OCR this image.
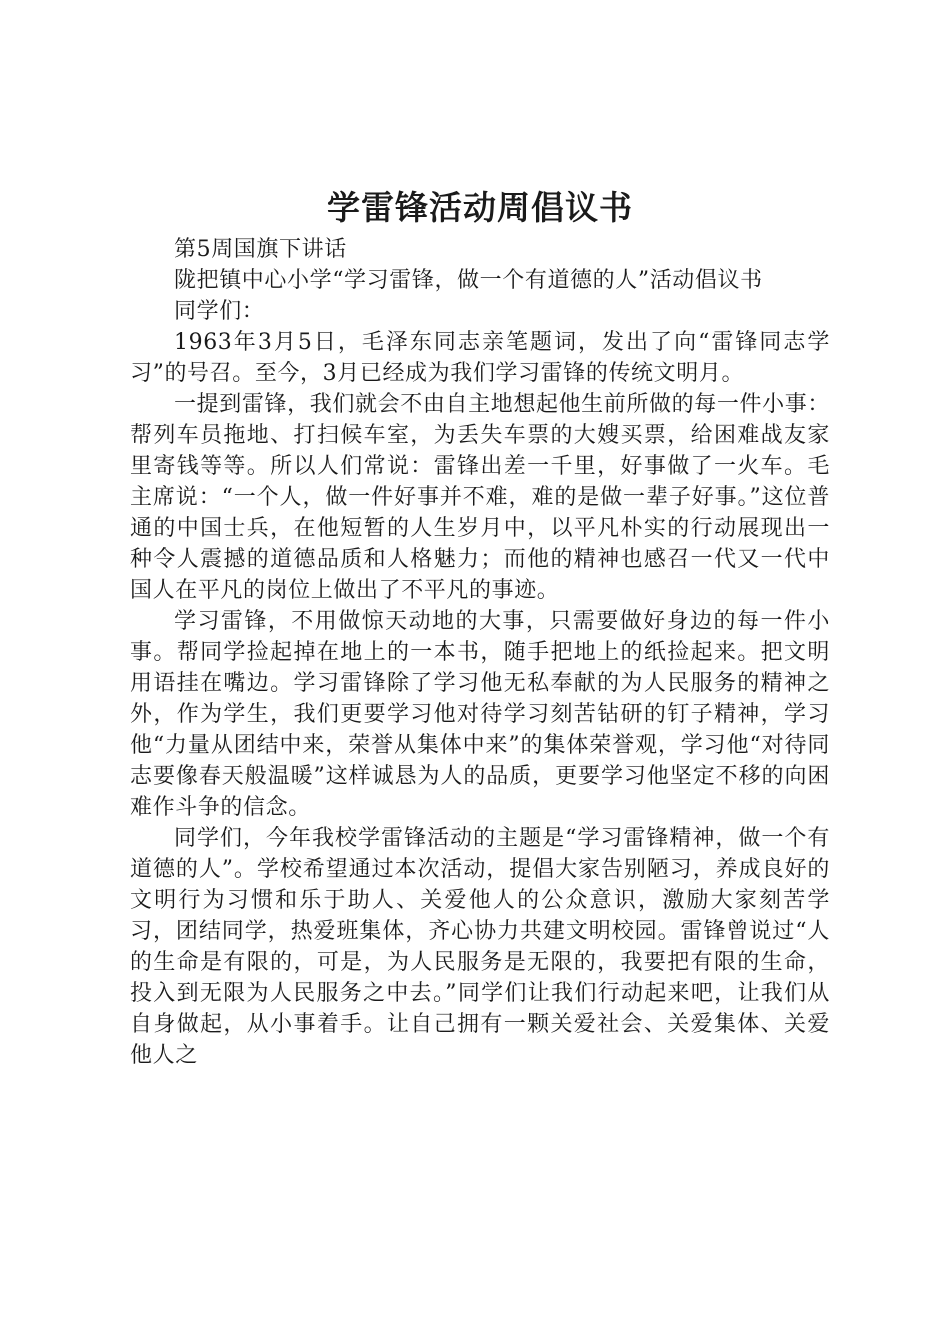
学雷锋活动周倡议书

第5周国旗下讲话

陇把镇中心小学“学习雷锋，做一个有道德的人”活动倡议书

同学们：

1963年3月5日，毛泽东同志亲笔题词，发出了向“雷锋同志学习”的号召。至今，3月已经成为我们学习雷锋的传统文明月。

一提到雷锋，我们就会不由自主地想起他生前所做的每一件小事：帮列车员拖地、打扫候车室，为丢失车票的大嫂买票，给困难战友家里寄钱等等。所以人们常说：雷锋出差一千里，好事做了一火车。毛主席说：“一个人，做一件好事并不难，难的是做一辈子好事。”这位普通的中国士兵，在他短暂的人生岁月中，以平凡朴实的行动展现出一种令人震撼的道德品质和人格魅力；而他的精神也感召一代又一代中国人在平凡的岗位上做出了不平凡的事迹。

学习雷锋，不用做惊天动地的大事，只需要做好身边的每一件小事。帮同学捡起掉在地上的一本书，随手把地上的纸捡起来。把文明用语挂在嘴边。学习雷锋除了学习他无私奉献的为人民服务的精神之外，作为学生，我们更要学习他对待学习刻苦钻研的钉子精神，学习他“力量从团结中来，荣誉从集体中来”的集体荣誉观，学习他“对待同志要像春天般温暖”这样诚恳为人的品质，更要学习他坚定不移的向困难作斗争的信念。

同学们，今年我校学雷锋活动的主题是“学习雷锋精神，做一个有道德的人”。学校希望通过本次活动，提倡大家告别陋习，养成良好的文明行为习惯和乐于助人、关爱他人的公众意识，激励大家刻苦学习，团结同学，热爱班集体，齐心协力共建文明校园。雷锋曾说过“人的生命是有限的，可是，为人民服务是无限的，我要把有限的生命，投入到无限为人民服务之中去。”同学们让我们行动起来吧，让我们从自身做起，从小事着手。让自己拥有一颗关爱社会、关爱集体、关爱他人之
